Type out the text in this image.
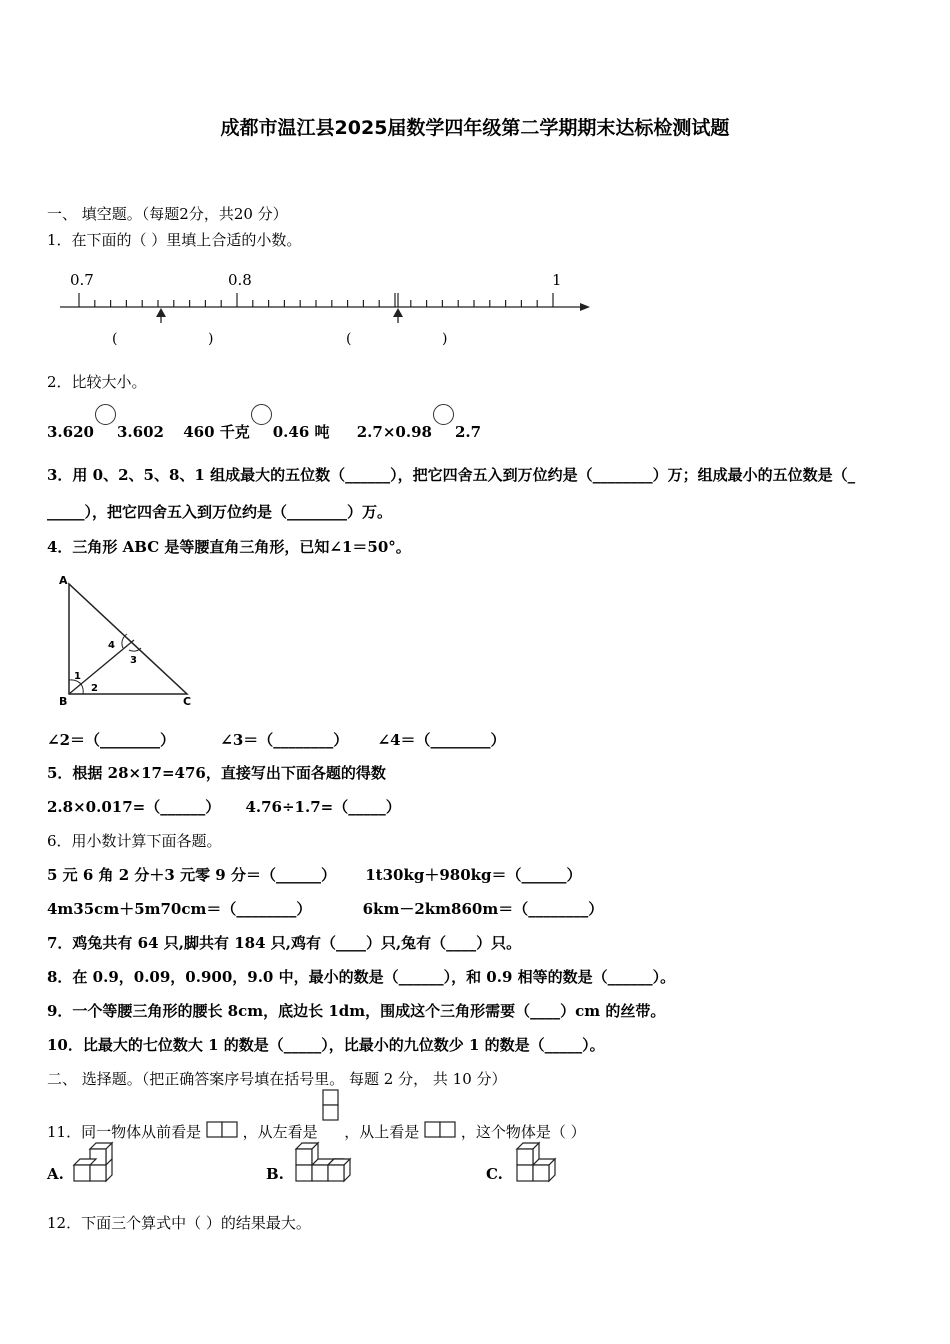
成都市温江县2025届数学四年级第二学期期末达标检测试题
一、 填空题。（每题2分，共20 分）
1．在下面的（ ）里填上合适的小数。
0.7	0.8	1
(	)	(	)
2．比较大小。
3.620 3.602 460 千克 0.46 吨 2.7×0.98 2.7
3．用 0、2、5、8、1 组成最大的五位数（______），把它四舍五入到万位约是（________）万；组成最小的五位数是（_
_____），把它四舍五入到万位约是（________）万。
4．三角形 ABC 是等腰直角三角形，已知∠1＝50°。
A
B	C
1
2
3
4
∠2＝（________）	∠3＝（________） ∠4＝（________）
5．根据 28×17=476，直接写出下面各题的得数
2.8×0.017=（______） 4.76÷1.7=（_____）
6．用小数计算下面各题。
5 元 6 角 2 分＋3 元零 9 分＝（______） 1t30kg＋980kg＝（______）
4m35cm＋5m70cm＝（________）	6km－2km860m＝（________）
7．鸡兔共有 64 只,脚共有 184 只,鸡有（____）只,兔有（____）只。
8．在 0.9，0.09，0.900，9.0 中，最小的数是（______），和 0.9 相等的数是（______）。
9．一个等腰三角形的腰长 8cm，底边长 1dm，围成这个三角形需要（____）cm 的丝带。
10．比最大的七位数大 1 的数是（_____），比最小的九位数少 1 的数是（_____）。
二、 选择题。（把正确答案序号填在括号里。 每题 2 分， 共 10 分）
11．同一物体从前看是	，从左看是 ，从上看是	，这个物体是（ ）
A.	B.	C.
12．下面三个算式中（ ）的结果最大。
